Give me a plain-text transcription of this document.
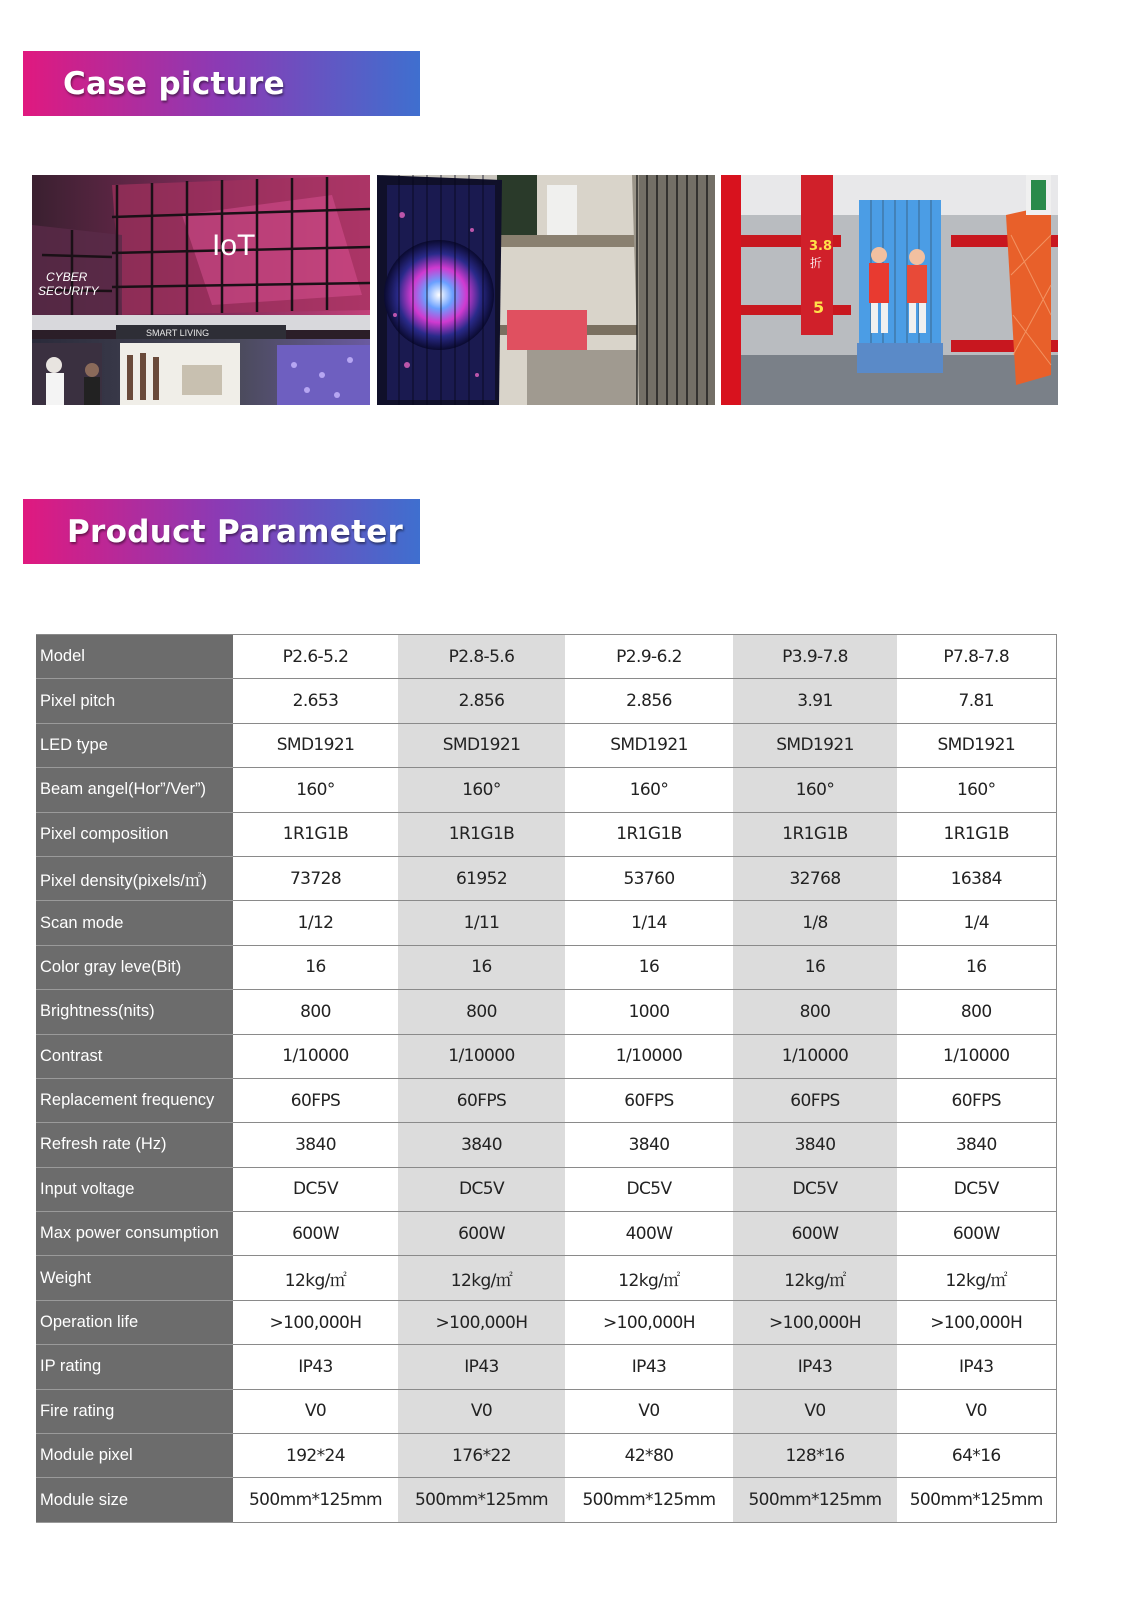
Case picture
IoT
CYBER
SECURITY
SMART LIVING
3.8
折
5
Product Parameter
Model	P2.6-5.2	P2.8-5.6	P2.9-6.2	P3.9-7.8	P7.8-7.8
Pixel pitch	2.653	2.856	2.856	3.91	7.81
LED type	SMD1921	SMD1921	SMD1921	SMD1921	SMD1921
Beam angel(Hor”/Ver”)	160°	160°	160°	160°	160°
Pixel composition	1R1G1B	1R1G1B	1R1G1B	1R1G1B	1R1G1B
Pixel density(pixels/㎡)	73728	61952	53760	32768	16384
Scan mode	1/12	1/11	1/14	1/8	1/4
Color gray leve(Bit)	16	16	16	16	16
Brightness(nits)	800	800	1000	800	800
Contrast	1/10000	1/10000	1/10000	1/10000	1/10000
Replacement frequency	60FPS	60FPS	60FPS	60FPS	60FPS
Refresh rate (Hz)	3840	3840	3840	3840	3840
Input voltage	DC5V	DC5V	DC5V	DC5V	DC5V
Max power consumption	600W	600W	400W	600W	600W
Weight	12kg/㎡	12kg/㎡	12kg/㎡	12kg/㎡	12kg/㎡
Operation life	>100,000H	>100,000H	>100,000H	>100,000H	>100,000H
IP rating	IP43	IP43	IP43	IP43	IP43
Fire rating	V0	V0	V0	V0	V0
Module pixel	192*24	176*22	42*80	128*16	64*16
Module size	500mm*125mm	500mm*125mm	500mm*125mm	500mm*125mm	500mm*125mm
